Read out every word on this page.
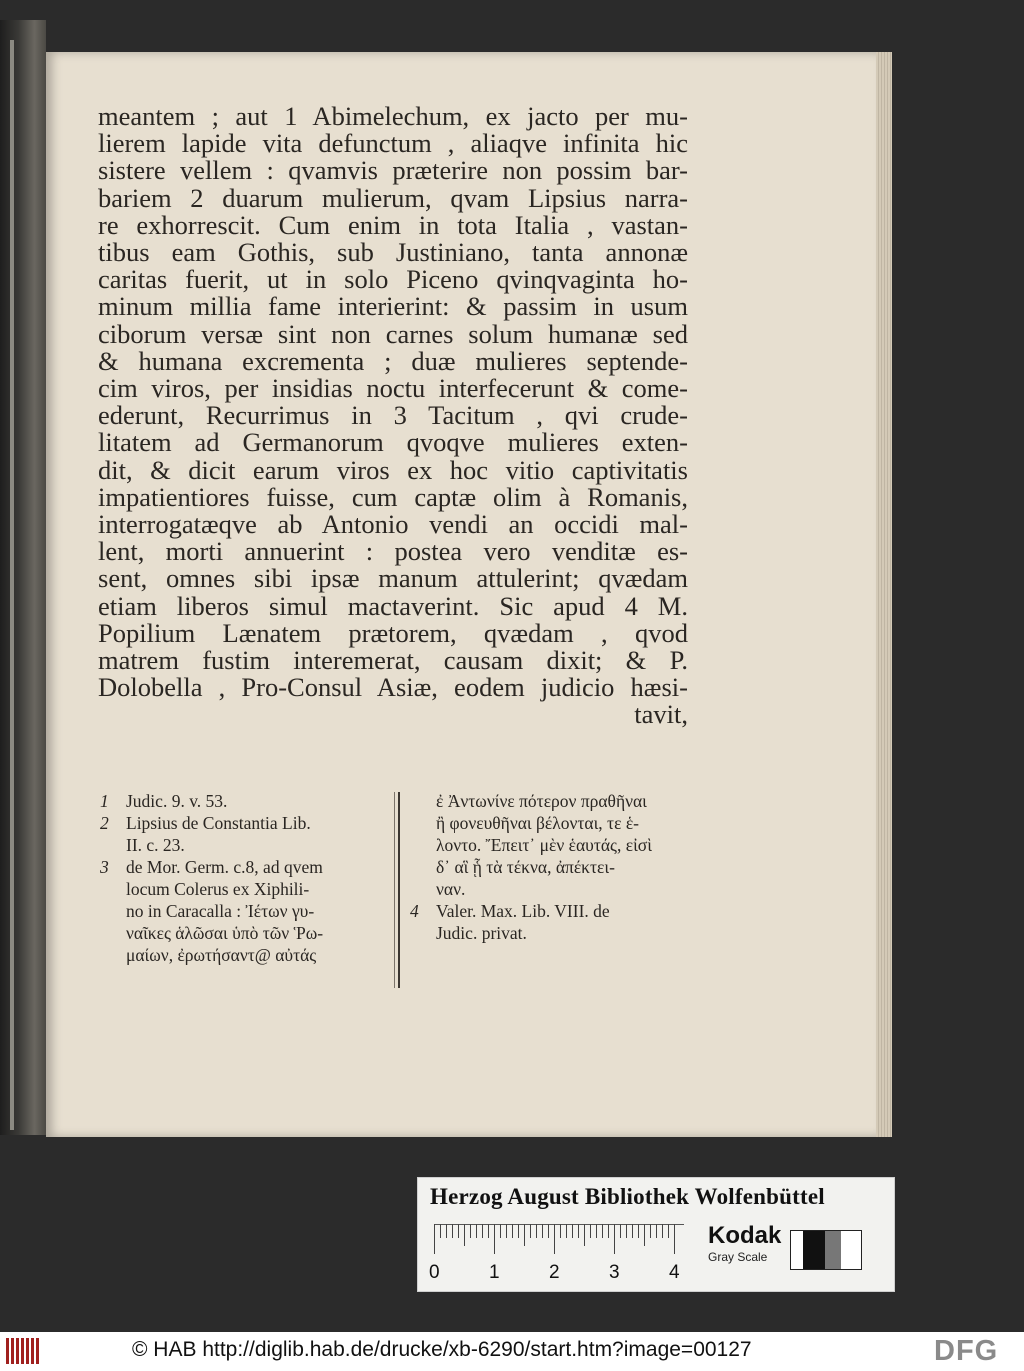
meantem ; aut 1 Abimelechum, ex jacto per mu-
lierem lapide vita defunctum , aliaqve infinita hic
sistere vellem : qvamvis præterire non possim bar-
bariem 2 duarum mulierum, qvam Lipsius narra-
re exhorrescit. Cum enim in tota Italia , vastan-
tibus eam Gothis, sub Justiniano, tanta annonæ
caritas fuerit, ut in solo Piceno qvinqvaginta ho-
minum millia fame interierint: & passim in usum
ciborum versæ sint non carnes solum humanæ sed
& humana excrementa ; duæ mulieres septende-
cim viros, per insidias noctu interfecerunt & come-
ederunt, Recurrimus in 3 Tacitum , qvi crude-
litatem ad Germanorum qvoqve mulieres exten-
dit, & dicit earum viros ex hoc vitio captivitatis
impatientiores fuisse, cum captæ olim à Romanis,
interrogatæqve ab Antonio vendi an occidi mal-
lent, morti annuerint : postea vero venditæ es-
sent, omnes sibi ipsæ manum attulerint; qvædam
etiam liberos simul mactaverint. Sic apud 4 M.
Popilium Lænatem prætorem, qvædam , qvod
matrem fustim interemerat, causam dixit; & P.
Dolobella , Pro-Consul Asiæ, eodem judicio hæsi-
tavit,
1 Judic. 9. v. 53.
2 Lipsius de Constantia Lib.
II. c. 23.
3 de Mor. Germ. c.8, ad qvem
locum Colerus ex Xiphili-
no in Caracalla : Ἰέτων γυ-
ναῖκες ἁλῶσαι ὑπὸ τῶν Ῥω-
μαίων, ἐρωτήσαντ@ αὐτάς
ἐ Ἀντωνίνε πότερον πραθῆναι
ἢ φονευθῆναι βέλονται, τε ἑ-
λοντο. Ἔπειτ᾽ μὲν ἑαυτάς, εἰσὶ
δ᾽ αἳ ᾗ τὰ τέκνα, ἀπέκτει-
ναν.
4 Valer. Max. Lib. VIII. de
Judic. privat.
Herzog August Bibliothek Wolfenbüttel
0	1	2	3	4
Kodak
Gray Scale
© HAB http://diglib.hab.de/drucke/xb-6290/start.htm?image=00127	DFG
